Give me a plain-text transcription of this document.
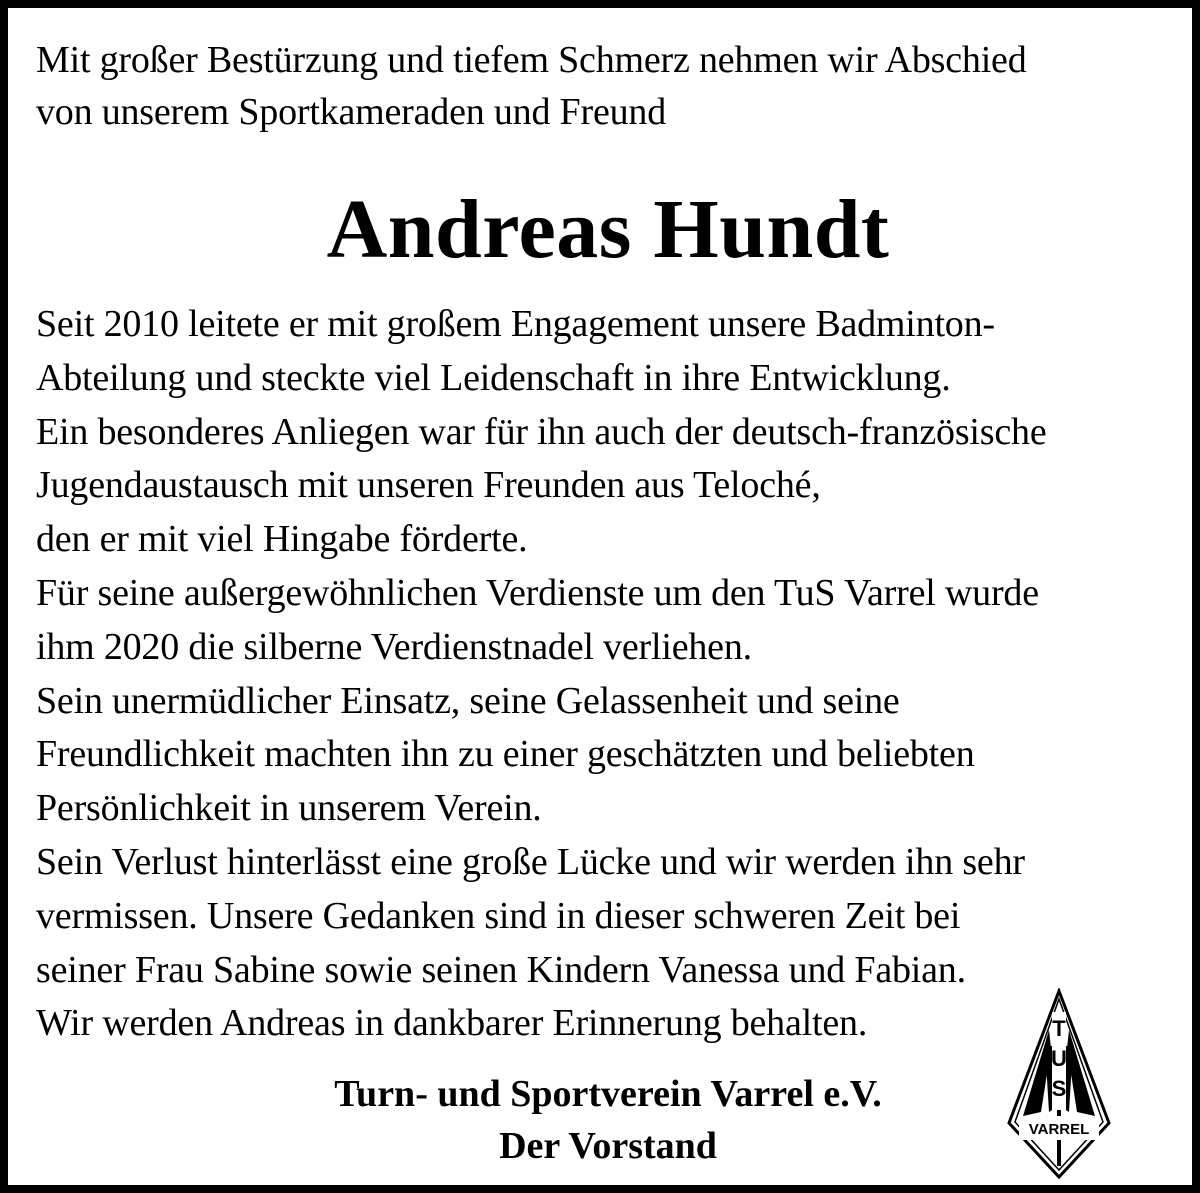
Mit großer Bestürzung und tiefem Schmerz nehmen wir Abschied
von unserem Sportkameraden und Freund
Andreas Hundt
Seit 2010 leitete er mit großem Engagement unsere Badminton-
Abteilung und steckte viel Leidenschaft in ihre Entwicklung.
Ein besonderes Anliegen war für ihn auch der deutsch-französische
Jugendaustausch mit unseren Freunden aus Teloché,
den er mit viel Hingabe förderte.
Für seine außergewöhnlichen Verdienste um den TuS Varrel wurde
ihm 2020 die silberne Verdienstnadel verliehen.
Sein unermüdlicher Einsatz, seine Gelassenheit und seine
Freundlichkeit machten ihn zu einer geschätzten und beliebten
Persönlichkeit in unserem Verein.
Sein Verlust hinterlässt eine große Lücke und wir werden ihn sehr
vermissen. Unsere Gedanken sind in dieser schweren Zeit bei
seiner Frau Sabine sowie seinen Kindern Vanessa und Fabian.
Wir werden Andreas in dankbarer Erinnerung behalten.
Turn- und Sportverein Varrel e.V.
Der Vorstand
T
U
S
VARREL
